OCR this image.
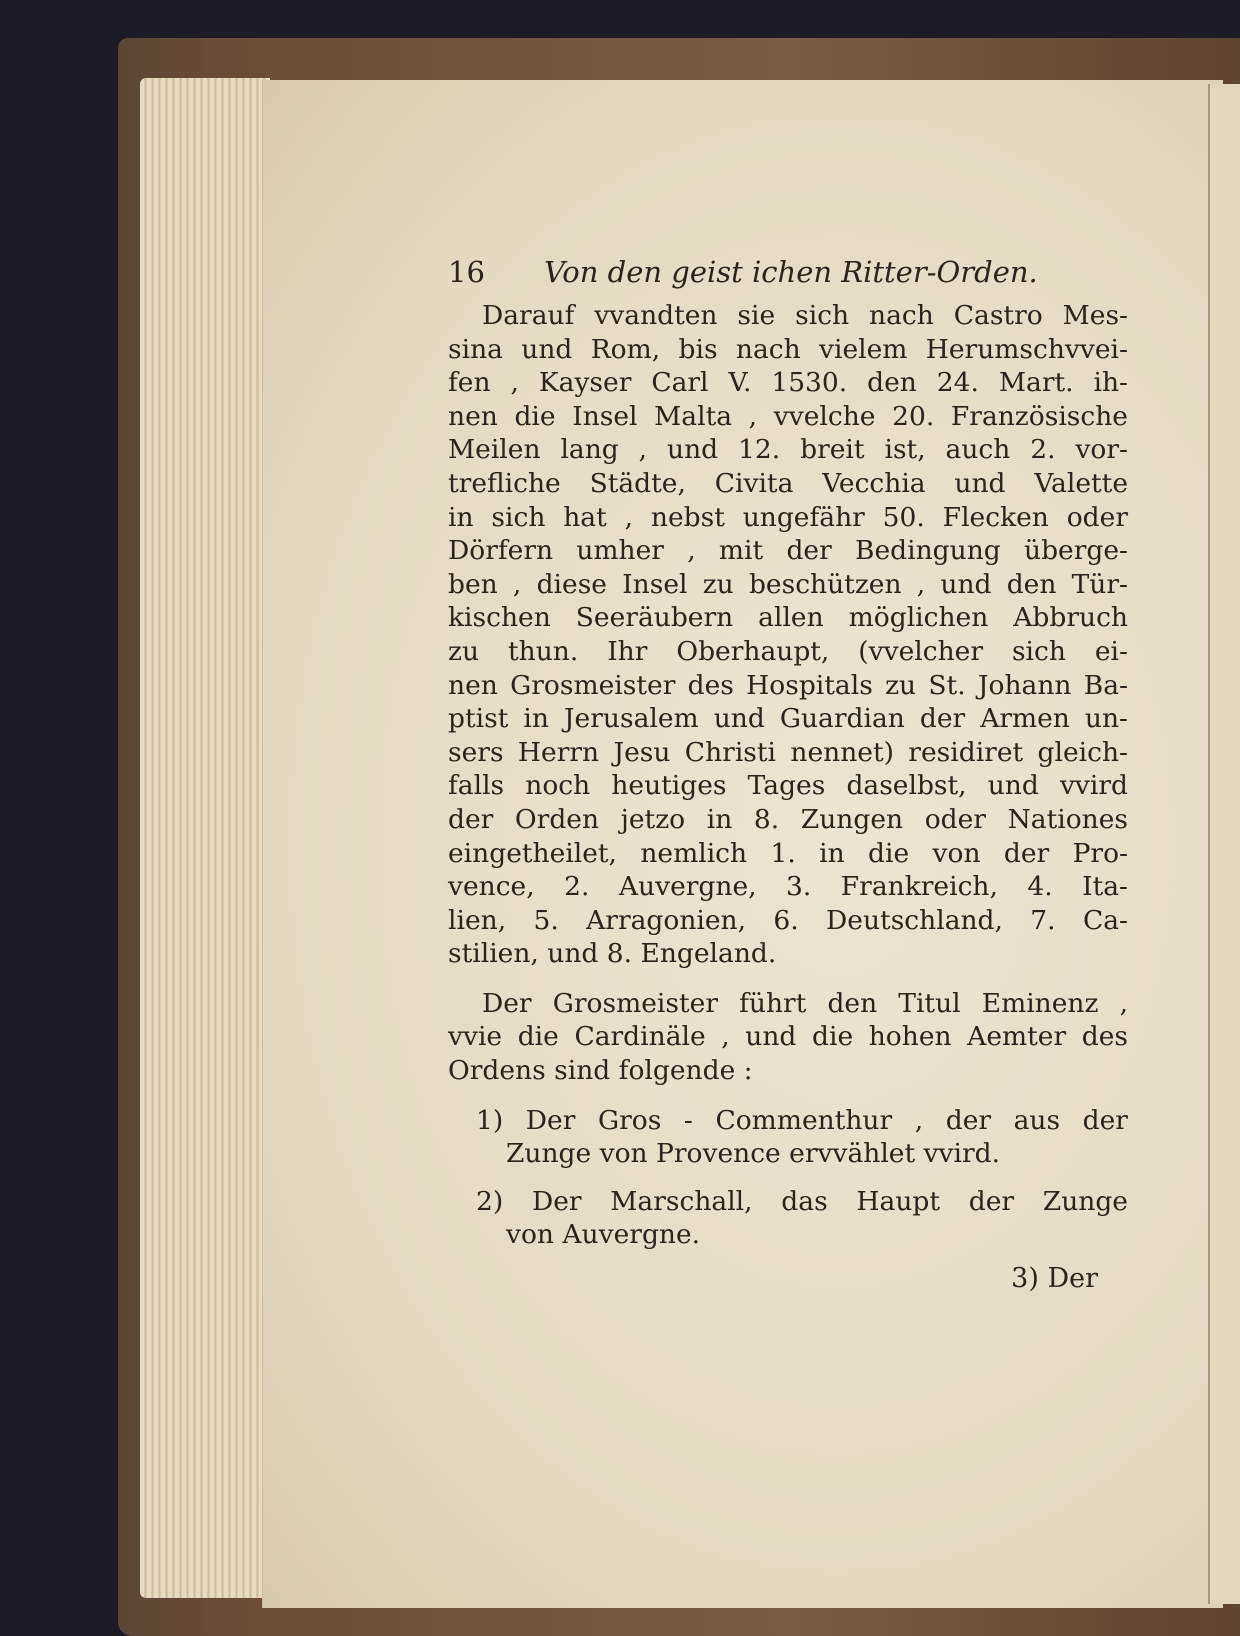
16	Von den geist ichen Ritter-Orden.
Darauf vvandten sie sich nach Castro Mes-
sina und Rom, bis nach vielem Herumschvvei-
fen , Kayser Carl V. 1530. den 24. Mart. ih-
nen die Insel Malta , vvelche 20. Französische
Meilen lang , und 12. breit ist, auch 2. vor-
trefliche Städte, Civita Vecchia und Valette
in sich hat , nebst ungefähr 50. Flecken oder
Dörfern umher , mit der Bedingung überge-
ben , diese Insel zu beschützen , und den Tür-
kischen Seeräubern allen möglichen Abbruch
zu thun. Ihr Oberhaupt, (vvelcher sich ei-
nen Grosmeister des Hospitals zu St. Johann Ba-
ptist in Jerusalem und Guardian der Armen un-
sers Herrn Jesu Christi nennet) residiret gleich-
falls noch heutiges Tages daselbst, und vvird
der Orden jetzo in 8. Zungen oder Nationes
eingetheilet, nemlich 1. in die von der Pro-
vence, 2. Auvergne, 3. Frankreich, 4. Ita-
lien, 5. Arragonien, 6. Deutschland, 7. Ca-
stilien, und 8. Engeland.
Der Grosmeister führt den Titul Eminenz ,
vvie die Cardinäle , und die hohen Aemter des
Ordens sind folgende :
1) Der Gros - Commenthur , der aus der
Zunge von Provence ervvählet vvird.
2) Der Marschall, das Haupt der Zunge
von Auvergne.
3) Der
